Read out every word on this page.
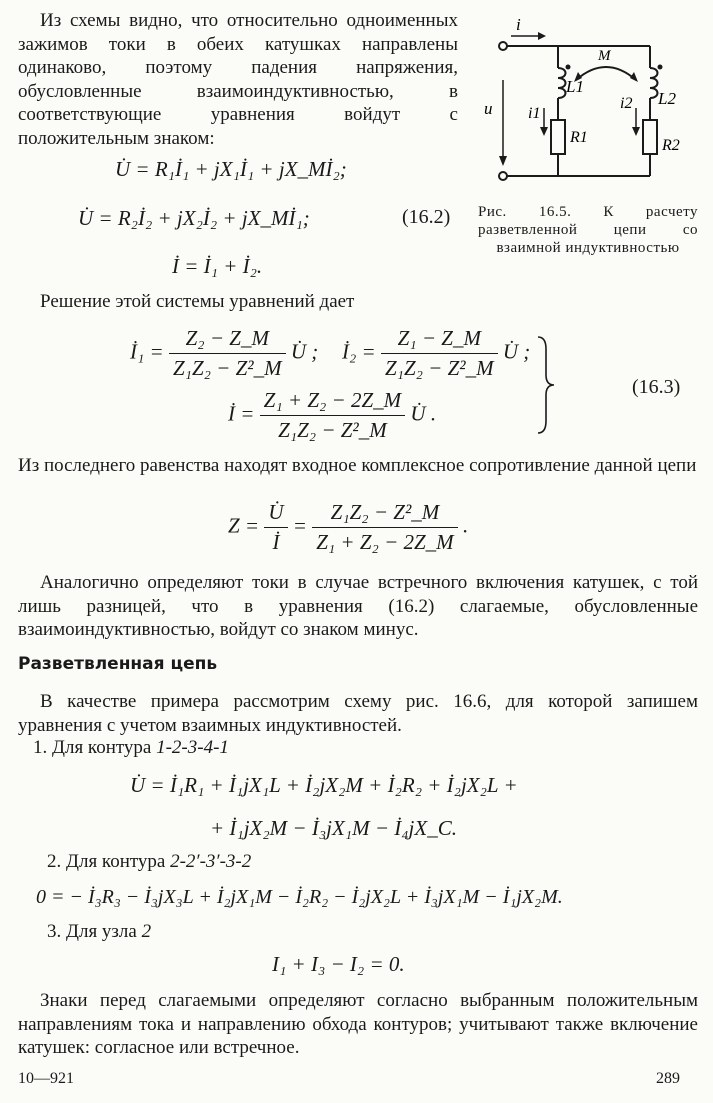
Из схемы видно, что относительно одноименных зажимов токи в обеих катушках направлены одинаково, поэтому падения напряжения, обусловленные взаимоиндуктивностью, в соответствующие уравнения войдут с положительным знаком:
U̇ = R₁İ₁ + jX₁İ₁ + jX_Mİ₂;
U̇ = R₂İ₂ + jX₂İ₂ + jX_Mİ₁;
İ = İ₁ + İ₂.
(16.2)
i
u
M
L1
L2
i1
i2
R1	R2
Рис. 16.5. К расчету разветвленной цепи со взаимной индуктивностью
Решение этой системы уравнений дает
İ₁ = $\frac{\text{Z₂ − Z\_M}}{\text{Z₁Z₂ − Z²\_M}}$ U̇ ; İ₂ = $\frac{\text{Z₁ − Z\_M}}{\text{Z₁Z₂ − Z²\_M}}$ U̇ ;
İ = $\frac{\text{Z₁ + Z₂ − 2Z\_M}}{\text{Z₁Z₂ − Z²\_M}}$ U̇ .
(16.3)
Из последнего равенства находят входное комплексное сопротивление данной цепи
$Z = \frac{U̇}{İ} = \frac{\text{Z₁Z₂ − Z²\_M}}{\text{Z₁ + Z₂ − 2Z\_M}}$ .
Аналогично определяют токи в случае встречного включения катушек, с той лишь разницей, что в уравнения (16.2) слагаемые, обусловленные взаимоиндуктивностью, войдут со знаком минус.
Разветвленная цепь
В качестве примера рассмотрим схему рис. 16.6, для которой запишем уравнения с учетом взаимных индуктивностей.
1. Для контура 1-2-3-4-1
U̇ = İ₁R₁ + İ₁jX₁L + İ₂jX₂M + İ₂R₂ + İ₂jX₂L +
+ İ₁jX₂M − İ₃jX₁M − İ₄jX_C.
2. Для контура 2-2′-3′-3-2
0 = − İ₃R₃ − İ₃jX₃L + İ₂jX₁M − İ₂R₂ − İ₂jX₂L + İ₃jX₁M − İ₁jX₂M.
3. Для узла 2
I₁ + I₃ − I₂ = 0.
Знаки перед слагаемыми определяют согласно выбранным положительным направлениям тока и направлению обхода контуров; учитывают также включение катушек: согласное или встречное.
10—921	289
